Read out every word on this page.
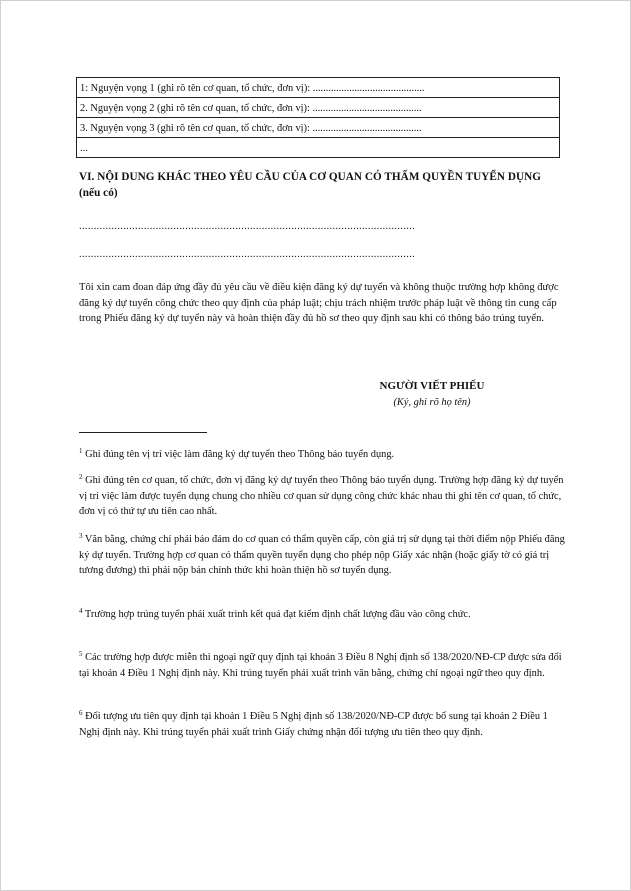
1: Nguyện vọng 1 (ghi rõ tên cơ quan, tổ chức, đơn vị): ...........................................
2. Nguyện vọng 2 (ghi rõ tên cơ quan, tổ chức, đơn vị): ..........................................
3. Nguyện vọng 3 (ghi rõ tên cơ quan, tổ chức, đơn vị): ..........................................
...
VI. NỘI DUNG KHÁC THEO YÊU CẦU CỦA CƠ QUAN CÓ THẨM QUYỀN TUYỂN DỤNG (nếu có)
..................................................................................................................
..................................................................................................................

Tôi xin cam đoan đáp ứng đầy đủ yêu cầu về điều kiện đăng ký dự tuyển và không thuộc trường hợp không được đăng ký dự tuyển công chức theo quy định của pháp luật; chịu trách nhiệm trước pháp luật về thông tin cung cấp trong Phiếu đăng ký dự tuyển này và hoàn thiện đầy đủ hồ sơ theo quy định sau khi có thông báo trúng tuyển.

NGƯỜI VIẾT PHIẾU
(Ký, ghi rõ họ tên)

$^1$ Ghi đúng tên vị trí việc làm đăng ký dự tuyển theo Thông báo tuyển dụng.

$^2$ Ghi đúng tên cơ quan, tổ chức, đơn vị đăng ký dự tuyển theo Thông báo tuyển dụng. Trường hợp đăng ký dự tuyển vị trí việc làm được tuyển dụng chung cho nhiều cơ quan sử dụng công chức khác nhau thì ghi tên cơ quan, tổ chức, đơn vị có thứ tự ưu tiên cao nhất.

$^3$ Văn bằng, chứng chỉ phải bảo đảm do cơ quan có thẩm quyền cấp, còn giá trị sử dụng tại thời điểm nộp Phiếu đăng ký dự tuyển. Trường hợp cơ quan có thẩm quyền tuyển dụng cho phép nộp Giấy xác nhận (hoặc giấy tờ có giá trị tương đương) thì phải nộp bản chính thức khi hoàn thiện hồ sơ tuyển dụng.

$^4$ Trường hợp trúng tuyển phải xuất trình kết quả đạt kiểm định chất lượng đầu vào công chức.

$^5$ Các trường hợp được miễn thi ngoại ngữ quy định tại khoản 3 Điều 8 Nghị định số 138/2020/NĐ-CP được sửa đổi tại khoản 4 Điều 1 Nghị định này. Khi trúng tuyển phải xuất trình văn bằng, chứng chỉ ngoại ngữ theo quy định.

$^6$ Đối tượng ưu tiên quy định tại khoản 1 Điều 5 Nghị định số 138/2020/NĐ-CP được bổ sung tại khoản 2 Điều 1 Nghị định này. Khi trúng tuyển phải xuất trình Giấy chứng nhận đối tượng ưu tiên theo quy định.
